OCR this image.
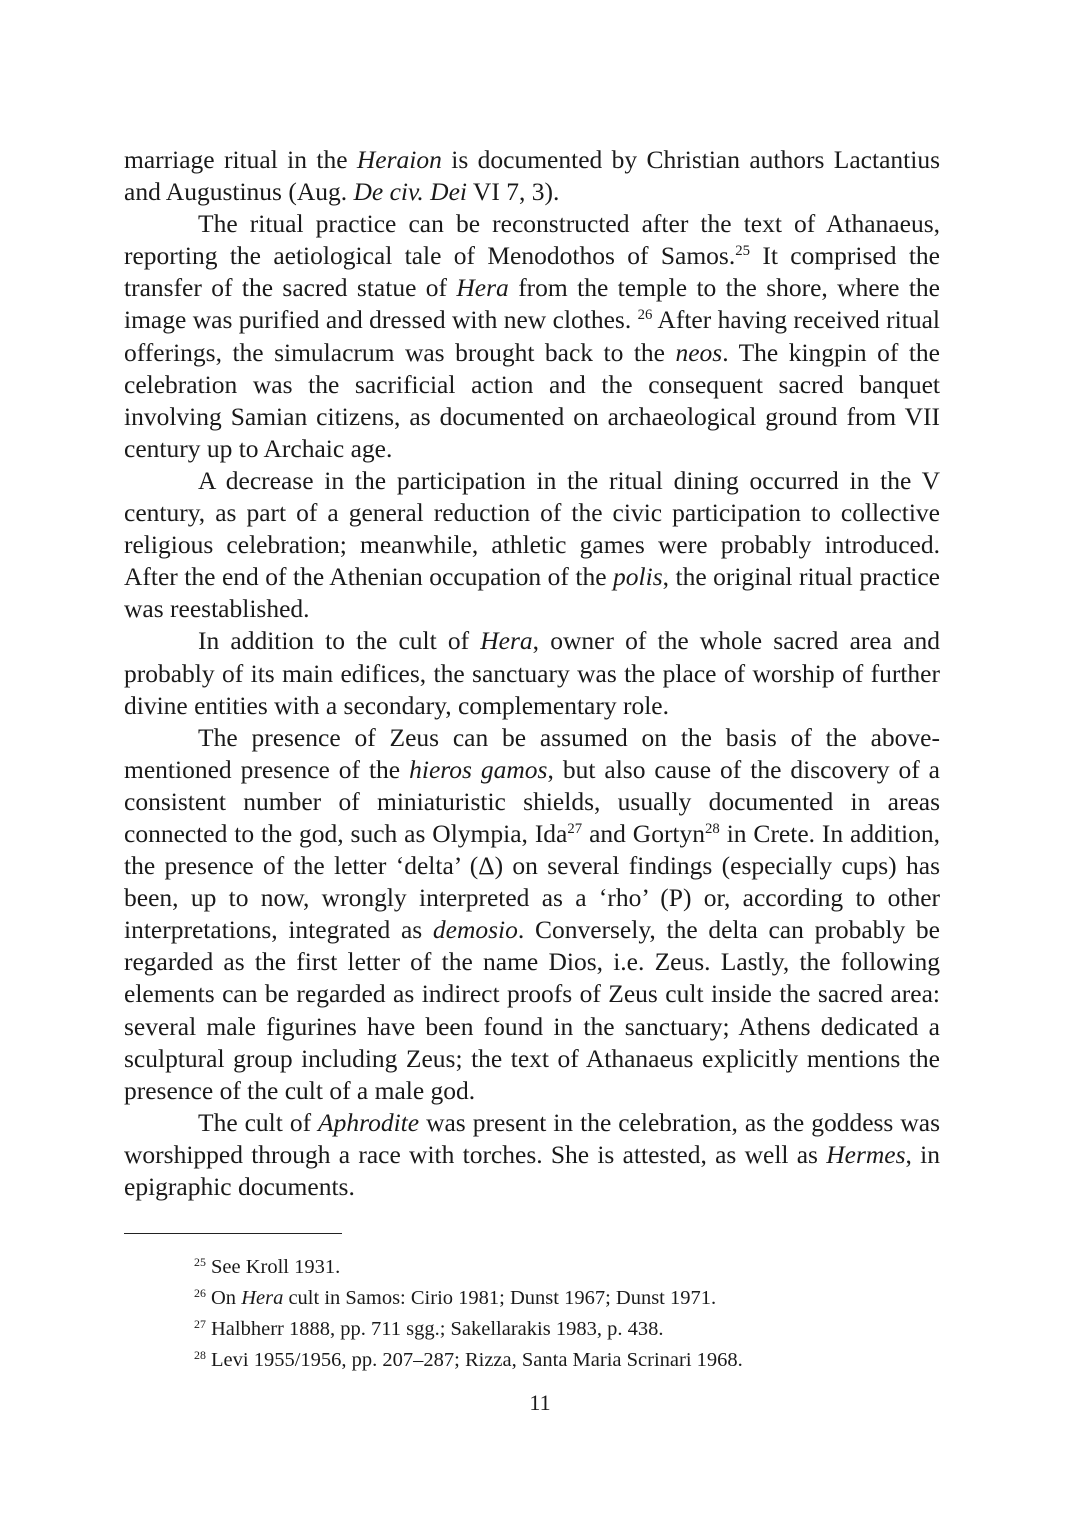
marriage ritual in the Heraion is documented by Christian authors Lactantius and Augustinus (Aug. De civ. Dei VI 7, 3).

The ritual practice can be reconstructed after the text of Athanaeus, reporting the aetiological tale of Menodothos of Samos.$^{25}$ It comprised the transfer of the sacred statue of Hera from the temple to the shore, where the image was purified and dressed with new clothes. $^{26}$ After having received ritual offerings, the simulacrum was brought back to the neos. The kingpin of the celebration was the sacrificial action and the consequent sacred banquet involving Samian citizens, as documented on archaeological ground from VII century up to Archaic age.

A decrease in the participation in the ritual dining occurred in the V century, as part of a general reduction of the civic participation to collective religious celebration; meanwhile, athletic games were probably introduced. After the end of the Athenian occupation of the polis, the original ritual practice was reestablished.

In addition to the cult of Hera, owner of the whole sacred area and probably of its main edifices, the sanctuary was the place of worship of further divine entities with a secondary, complementary role.

The presence of Zeus can be assumed on the basis of the above-mentioned presence of the hieros gamos, but also cause of the discovery of a consistent number of miniaturistic shields, usually documented in areas connected to the god, such as Olympia, Ida$^{27}$ and Gortyn$^{28}$ in Crete. In addition, the presence of the letter ‘delta’ (Δ) on several findings (especially cups) has been, up to now, wrongly interpreted as a ‘rho’ (P) or, according to other interpretations, integrated as demosio. Conversely, the delta can probably be regarded as the first letter of the name Dios, i.e. Zeus. Lastly, the following elements can be regarded as indirect proofs of Zeus cult inside the sacred area: several male figurines have been found in the sanctuary; Athens dedicated a sculptural group including Zeus; the text of Athanaeus explicitly mentions the presence of the cult of a male god.

The cult of Aphrodite was present in the celebration, as the goddess was worshipped through a race with torches. She is attested, as well as Hermes, in epigraphic documents.

$^{25}$ See Kroll 1931.

$^{26}$ On Hera cult in Samos: Cirio 1981; Dunst 1967; Dunst 1971.

$^{27}$ Halbherr 1888, pp. 711 sgg.; Sakellarakis 1983, p. 438.

$^{28}$ Levi 1955/1956, pp. 207–287; Rizza, Santa Maria Scrinari 1968.

11
